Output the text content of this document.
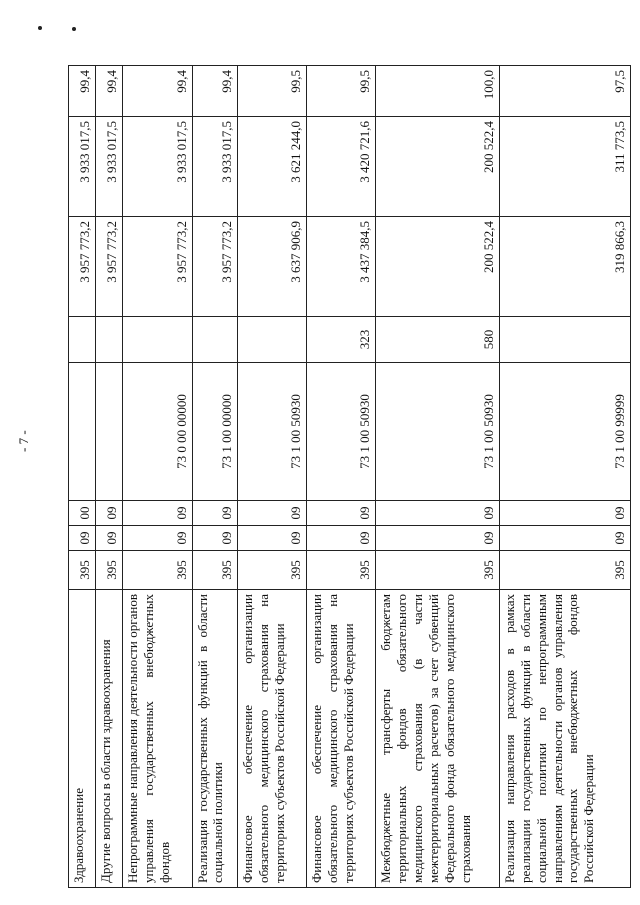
- 7 -
Здравоохранение	395	09	00			3 957 773,2	3 933 017,5	99,4
Другие вопросы в области здравоохранения	395	09	09			3 957 773,2	3 933 017,5	99,4
Непрограммные направления деятельности органов управления государственных внебюджетных фондов	395	09	09	73 0 00 00000		3 957 773,2	3 933 017,5	99,4
Реализация государственных функций в области социальной политики	395	09	09	73 1 00 00000		3 957 773,2	3 933 017,5	99,4
Финансовое обеспечение организации обязательного медицинского страхования на территориях субъектов Российской Федерации	395	09	09	73 1 00 50930		3 637 906,9	3 621 244,0	99,5
Финансовое обеспечение организации обязательного медицинского страхования на территориях субъектов Российской Федерации	395	09	09	73 1 00 50930	323	3 437 384,5	3 420 721,6	99,5
Межбюджетные трансферты бюджетам территориальных фондов обязательного медицинского страхования (в части межтерриториальных расчетов) за счет субвенций Федерального фонда обязательного медицинского страхования	395	09	09	73 1 00 50930	580	200 522,4	200 522,4	100,0
Реализация направления расходов в рамках реализации государственных функций в области социальной политики по непрограммным направлениям деятельности органов управления государственных внебюджетных фондов Российской Федерации	395	09	09	73 1 00 99999		319 866,3	311 773,5	97,5
